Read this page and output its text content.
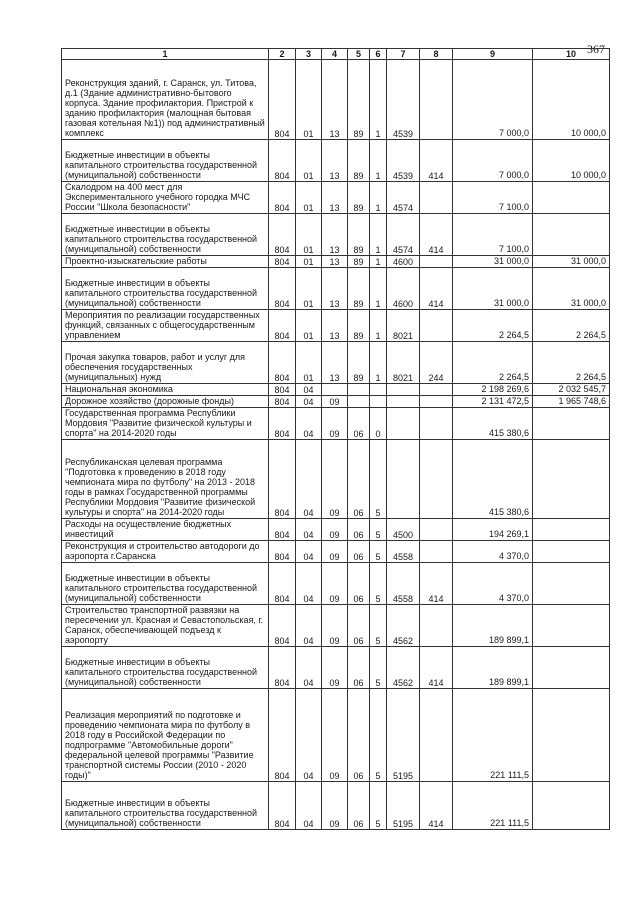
367
1	2	3	4	5	6	7	8	9	10
Реконструкция зданий, г. Саранск, ул. Титова, д.1 (Здание административно-бытового корпуса. Здание профилактория. Пристрой к зданию профилактория (малощная бытовая газовая котельная №1)) под административный комплекс	804	01	13	89	1	4539		7 000,0	10 000,0
Бюджетные инвестиции в объекты капитального строительства государственной (муниципальной) собственности	804	01	13	89	1	4539	414	7 000,0	10 000,0
Скалодром на 400 мест для Экспериментального учебного городка МЧС России "Школа безопасности"	804	01	13	89	1	4574		7 100,0	
Бюджетные инвестиции в объекты капитального строительства государственной (муниципальной) собственности	804	01	13	89	1	4574	414	7 100,0	
Проектно-изыскательские работы	804	01	13	89	1	4600		31 000,0	31 000,0
Бюджетные инвестиции в объекты капитального строительства государственной (муниципальной) собственности	804	01	13	89	1	4600	414	31 000,0	31 000,0
Мероприятия по реализации государственных функций, связанных с общегосударственным управлением	804	01	13	89	1	8021		2 264,5	2 264,5
Прочая закупка товаров, работ и услуг для обеспечения государственных (муниципальных) нужд	804	01	13	89	1	8021	244	2 264,5	2 264,5
Национальная экономика	804	04						2 198 269,6	2 032 545,7
Дорожное хозяйство (дорожные фонды)	804	04	09					2 131 472,5	1 965 748,6
Государственная программа Республики Мордовия "Развитие физической культуры и спорта" на 2014-2020 годы	804	04	09	06	0			415 380,6	
Республиканская целевая программа "Подготовка к проведению в 2018 году чемпионата мира по футболу" на 2013 - 2018 годы в рамках Государственной программы Республики Мордовия "Развитие физической культуры и спорта" на 2014-2020 годы	804	04	09	06	5			415 380,6	
Расходы на осуществление бюджетных инвестиций	804	04	09	06	5	4500		194 269,1	
Реконструкция и строительство автодороги до аэропорта г.Саранска	804	04	09	06	5	4558		4 370,0	
Бюджетные инвестиции в объекты капитального строительства государственной (муниципальной) собственности	804	04	09	06	5	4558	414	4 370,0	
Строительство транспортной развязки на пересечении ул. Красная и Севастопольская, г. Саранск, обеспечивающей подъезд к аэропорту	804	04	09	06	5	4562		189 899,1	
Бюджетные инвестиции в объекты капитального строительства государственной (муниципальной) собственности	804	04	09	06	5	4562	414	189 899,1	
Реализация мероприятий по подготовке и проведению чемпионата мира по футболу в 2018 году в Российской Федерации по подпрограмме "Автомобильные дороги" федеральной целевой программы "Развитие транспортной системы России (2010 - 2020 годы)"	804	04	09	06	5	5195		221 111,5	
Бюджетные инвестиции в объекты капитального строительства государственной (муниципальной) собственности	804	04	09	06	5	5195	414	221 111,5	
